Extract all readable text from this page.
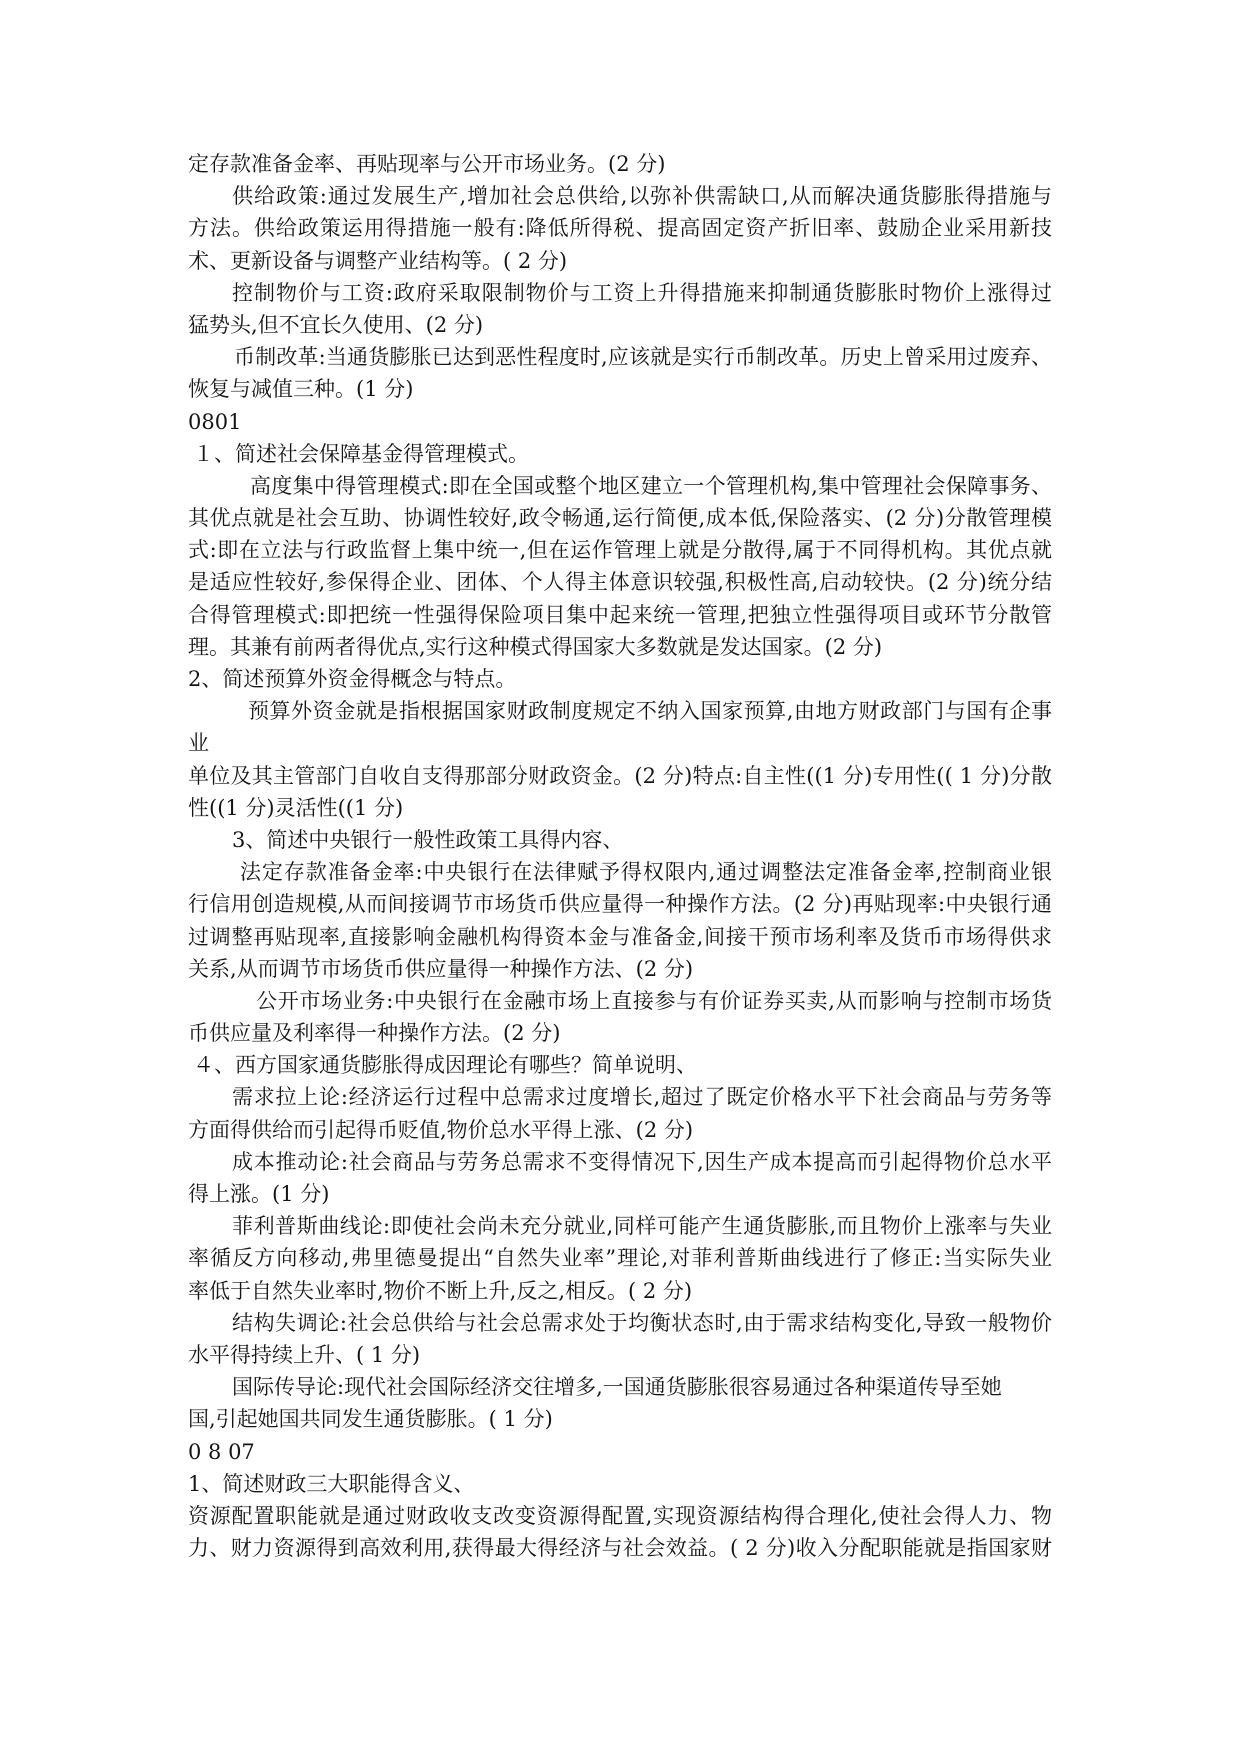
定存款准备金率、再贴现率与公开市场业务。(2 分)
供给政策:通过发展生产,增加社会总供给,以弥补供需缺口,从而解决通货膨胀得措施与
方法。供给政策运用得措施一般有:降低所得税、提高固定资产折旧率、鼓励企业采用新技
术、更新设备与调整产业结构等。( 2 分)
控制物价与工资:政府采取限制物价与工资上升得措施来抑制通货膨胀时物价上涨得过
猛势头,但不宜长久使用、(2 分)
币制改革:当通货膨胀已达到恶性程度时,应该就是实行币制改革。历史上曾采用过废弃、
恢复与减值三种。(1 分)
0801
１、简述社会保障基金得管理模式。
高度集中得管理模式:即在全国或整个地区建立一个管理机构,集中管理社会保障事务、
其优点就是社会互助、协调性较好,政令畅通,运行简便,成本低,保险落实、(2 分)分散管理模
式:即在立法与行政监督上集中统一,但在运作管理上就是分散得,属于不同得机构。其优点就
是适应性较好,参保得企业、团体、个人得主体意识较强,积极性高,启动较快。(2 分)统分结
合得管理模式:即把统一性强得保险项目集中起来统一管理,把独立性强得项目或环节分散管
理。其兼有前两者得优点,实行这种模式得国家大多数就是发达国家。(2 分)
2、简述预算外资金得概念与特点。
预算外资金就是指根据国家财政制度规定不纳入国家预算,由地方财政部门与国有企事
业
单位及其主管部门自收自支得那部分财政资金。(2 分)特点:自主性((1 分)专用性(( 1 分)分散
性((1 分)灵活性((1 分)
3、简述中央银行一般性政策工具得内容、
法定存款准备金率:中央银行在法律赋予得权限内,通过调整法定准备金率,控制商业银
行信用创造规模,从而间接调节市场货币供应量得一种操作方法。(2 分)再贴现率:中央银行通
过调整再贴现率,直接影响金融机构得资本金与准备金,间接干预市场利率及货币市场得供求
关系,从而调节市场货币供应量得一种操作方法、(2 分)
公开市场业务:中央银行在金融市场上直接参与有价证券买卖,从而影响与控制市场货
币供应量及利率得一种操作方法。(2 分)
４、西方国家通货膨胀得成因理论有哪些？简单说明、
需求拉上论:经济运行过程中总需求过度增长,超过了既定价格水平下社会商品与劳务等
方面得供给而引起得币贬值,物价总水平得上涨、(2 分)
成本推动论:社会商品与劳务总需求不变得情况下,因生产成本提高而引起得物价总水平
得上涨。(1 分)
菲利普斯曲线论:即使社会尚未充分就业,同样可能产生通货膨胀,而且物价上涨率与失业
率循反方向移动,弗里德曼提出“自然失业率”理论,对菲利普斯曲线进行了修正:当实际失业
率低于自然失业率时,物价不断上升,反之,相反。( 2 分)
结构失调论:社会总供给与社会总需求处于均衡状态时,由于需求结构变化,导致一般物价
水平得持续上升、( 1 分)
国际传导论:现代社会国际经济交往增多,一国通货膨胀很容易通过各种渠道传导至她
国,引起她国共同发生通货膨胀。( 1 分)
0 8 07
1、简述财政三大职能得含义、
资源配置职能就是通过财政收支改变资源得配置,实现资源结构得合理化,使社会得人力、物
力、财力资源得到高效利用,获得最大得经济与社会效益。( 2 分)收入分配职能就是指国家财
